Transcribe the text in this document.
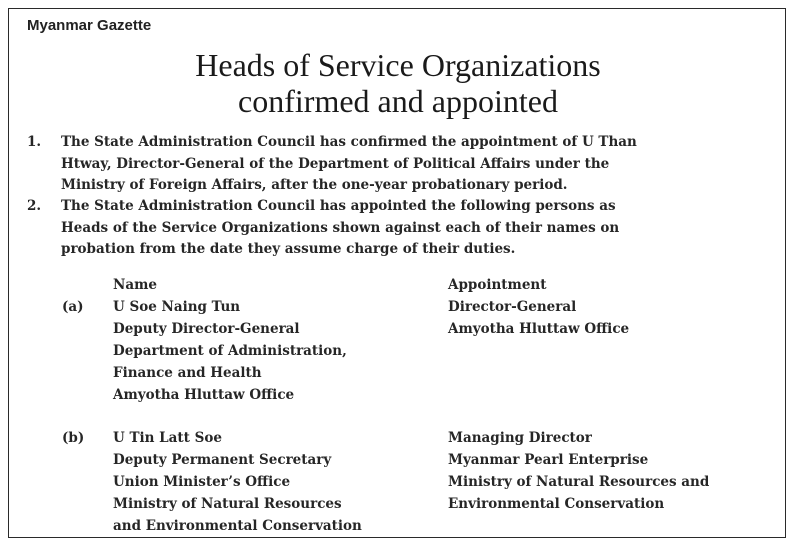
Myanmar Gazette
Heads of Service Organizations
confirmed and appointed
1. The State Administration Council has confirmed the appointment of U Than
Htway, Director-General of the Department of Political Affairs under the
Ministry of Foreign Affairs, after the one-year probationary period.
2. The State Administration Council has appointed the following persons as
Heads of the Service Organizations shown against each of their names on
probation from the date they assume charge of their duties.
Name	Appointment
(a) U Soe Naing Tun
Deputy Director-General
Department of Administration,
Finance and Health
Amyotha Hluttaw Office
Director-General
Amyotha Hluttaw Office
(b) U Tin Latt Soe
Deputy Permanent Secretary
Union Minister’s Office
Ministry of Natural Resources
and Environmental Conservation
Managing Director
Myanmar Pearl Enterprise
Ministry of Natural Resources and
Environmental Conservation
